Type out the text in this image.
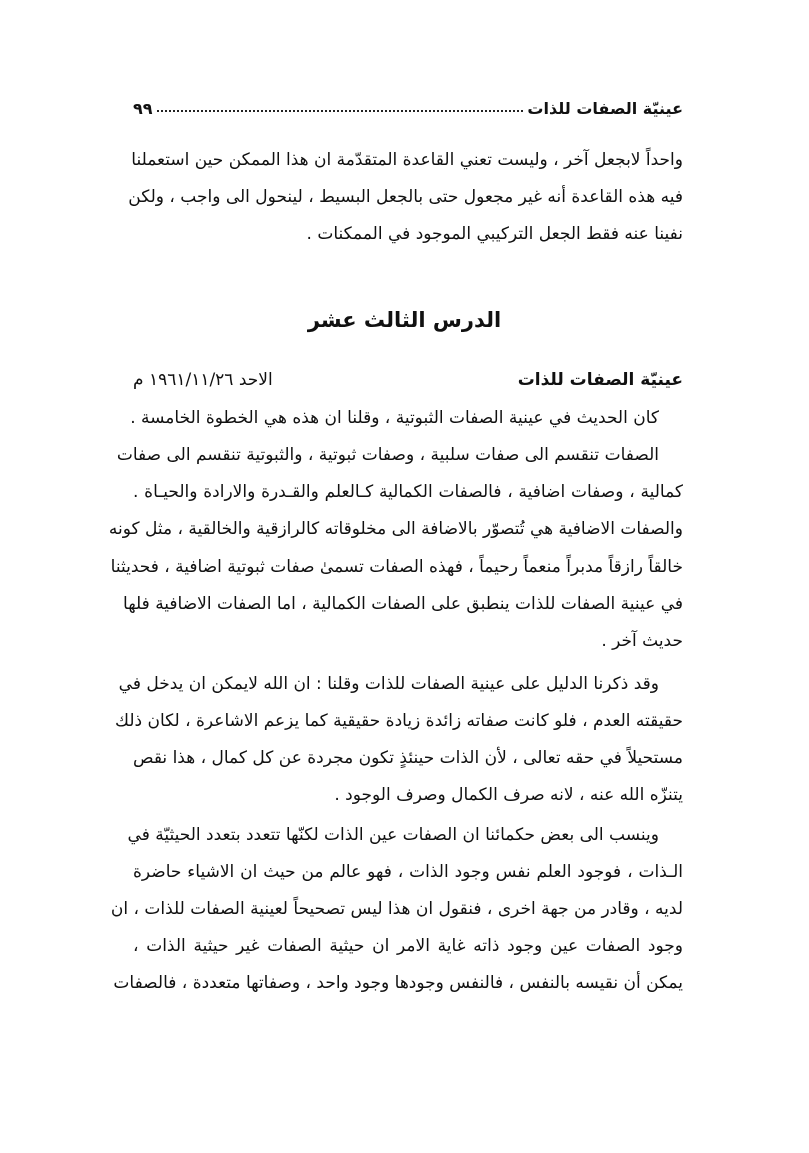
عينيّة الصفات للذات
٩٩
واحداً لابجعل آخر ، وليست تعني القاعدة المتقدّمة ان هذا الممكن حين استعملنا
فيه هذه القاعدة أنه غير مجعول حتى بالجعل البسيط ، لينحول الى واجب ، ولكن
نفينا عنه فقط الجعل التركيبي الموجود في الممكنات .
الدرس الثالث عشر
عينيّة الصفات للذات
الاحد ١٩٦١/١١/٢٦ م
كان الحديث في عينية الصفات الثبوتية ، وقلنا ان هذه هي الخطوة الخامسة .
الصفات تنقسم الى صفات سلبية ، وصفات ثبوتية ، والثبوتية تنقسم الى صفات
كمالية ، وصفات اضافية ، فالصفات الكمالية كـالعلم والقـدرة والارادة والحيـاة .
والصفات الاضافية هي تُتصوّر بالاضافة الى مخلوقاته كالرازقية والخالقية ، مثل كونه
خالقاً رازقاً مدبراً منعماً رحيماً ، فهذه الصفات تسمىٰ صفات ثبوتية اضافية ، فحديثنا
في عينية الصفات للذات ينطبق على الصفات الكمالية ، اما الصفات الاضافية فلها
حديث آخر .
وقد ذكرنا الدليل على عينية الصفات للذات وقلنا : ان الله لايمكن ان يدخل في
حقيقته العدم ، فلو كانت صفاته زائدة زيادة حقيقية كما يزعم الاشاعرة ، لكان ذلك
مستحيلاً في حقه تعالى ، لأن الذات حينئذٍ تكون مجردة عن كل كمال ، هذا نقص
يتنزّه الله عنه ، لانه صرف الكمال وصرف الوجود .
وينسب الى بعض حكمائنا ان الصفات عين الذات لكنّها تتعدد بتعدد الحيثيّة في
الـذات ، فوجود العلم نفس وجود الذات ، فهو عالم من حيث ان الاشياء حاضرة
لديه ، وقادر من جهة اخرى ، فنقول ان هذا ليس تصحيحاً لعينية الصفات للذات ، ان
وجود الصفات عين وجود ذاته غاية الامر ان حيثية الصفات غير حيثية الذات ،
يمكن أن نقيسه بالنفس ، فالنفس وجودها وجود واحد ، وصفاتها متعددة ، فالصفات
